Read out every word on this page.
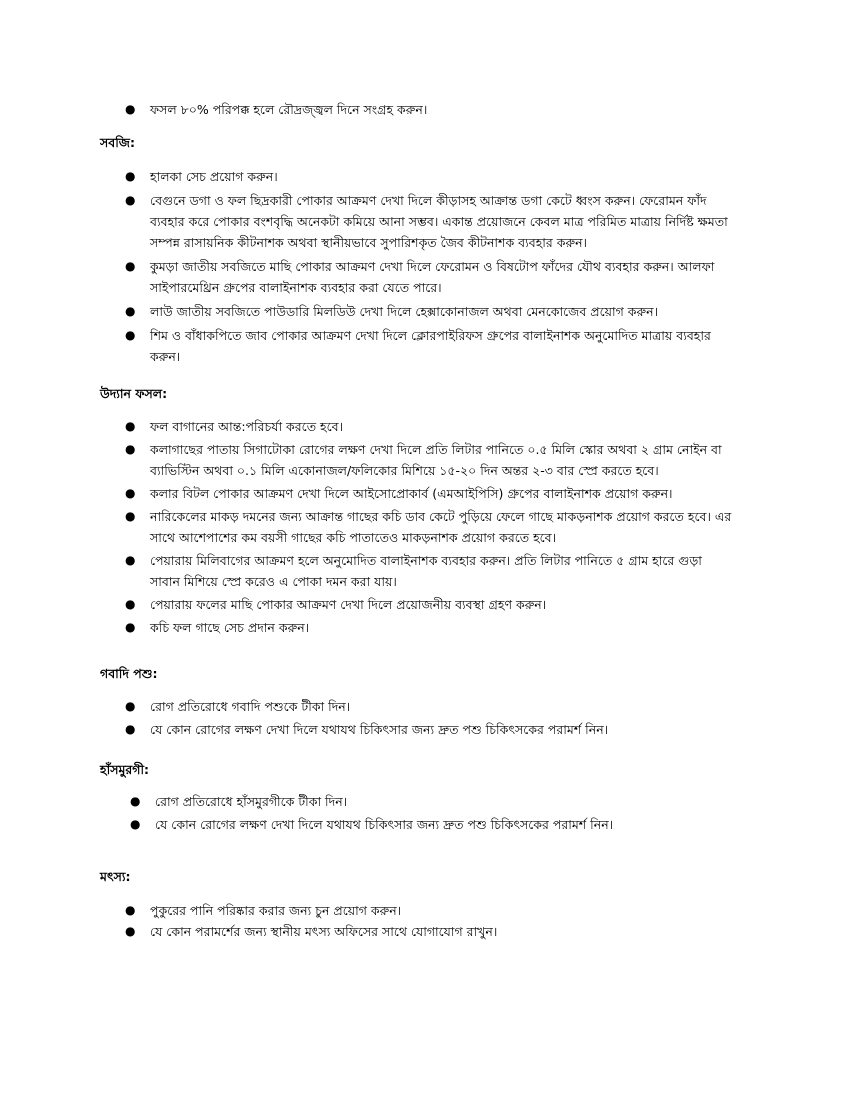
● ফসল ৮০% পরিপক্ক হলে রৌদ্রজ্জ্বল দিনে সংগ্রহ করুন।
সবজি:
● হালকা সেচ প্রয়োগ করুন।
● বেগুনে ডগা ও ফল ছিদ্রকারী পোকার আক্রমণ দেখা দিলে কীড়াসহ আক্রান্ত ডগা কেটে ধ্বংস করুন। ফেরোমন ফাঁদ ব্যবহার করে পোকার বংশবৃদ্ধি অনেকটা কমিয়ে আনা সম্ভব। একান্ত প্রয়োজনে কেবল মাত্র পরিমিত মাত্রায় নির্দিষ্ট ক্ষমতা সম্পন্ন রাসায়নিক কীটনাশক অথবা স্থানীয়ভাবে সুপারিশকৃত জৈব কীটনাশক ব্যবহার করুন।
● কুমড়া জাতীয় সবজিতে মাছি পোকার আক্রমণ দেখা দিলে ফেরোমন ও বিষটোপ ফাঁদের যৌথ ব্যবহার করুন। আলফা সাইপারমেথ্রিন গ্রুপের বালাইনাশক ব্যবহার করা যেতে পারে।
● লাউ জাতীয় সবজিতে পাউডারি মিলডিউ দেখা দিলে হেক্সাকোনাজল অথবা মেনকোজেব প্রয়োগ করুন।
● শিম ও বাঁধাকপিতে জাব পোকার আক্রমণ দেখা দিলে ক্লোরপাইরিফস গ্রুপের বালাইনাশক অনুমোদিত মাত্রায় ব্যবহার করুন।
উদ্যান ফসল:
● ফল বাগানের আন্ত:পরিচর্যা করতে হবে।
● কলাগাছের পাতায় সিগাটোকা রোগের লক্ষণ দেখা দিলে প্রতি লিটার পানিতে ০.৫ মিলি স্কোর অথবা ২ গ্রাম নোইন বা ব্যাভিস্টিন অথবা ০.১ মিলি একোনাজল/ফলিকোর মিশিয়ে ১৫-২০ দিন অন্তর ২-৩ বার স্প্রে করতে হবে।
● কলার বিটল পোকার আক্রমণ দেখা দিলে আইসোপ্রোকার্ব (এমআইপিসি) গ্রুপের বালাইনাশক প্রয়োগ করুন।
● নারিকেলের মাকড় দমনের জন্য আক্রান্ত গাছের কচি ডাব কেটে পুড়িয়ে ফেলে গাছে মাকড়নাশক প্রয়োগ করতে হবে। এর সাথে আশেপাশের কম বয়সী গাছের কচি পাতাতেও মাকড়নাশক প্রয়োগ করতে হবে।
● পেয়ারায় মিলিবাগের আক্রমণ হলে অনুমোদিত বালাইনাশক ব্যবহার করুন। প্রতি লিটার পানিতে ৫ গ্রাম হারে গুড়া সাবান মিশিয়ে স্প্রে করেও এ পোকা দমন করা যায়।
● পেয়ারায় ফলের মাছি পোকার আক্রমণ দেখা দিলে প্রয়োজনীয় ব্যবস্থা গ্রহণ করুন।
● কচি ফল গাছে সেচ প্রদান করুন।
গবাদি পশু:
● রোগ প্রতিরোধে গবাদি পশুকে টীকা দিন।
● যে কোন রোগের লক্ষণ দেখা দিলে যথাযথ চিকিৎসার জন্য দ্রুত পশু চিকিৎসকের পরামর্শ নিন।
হাঁসমুরগী:
● রোগ প্রতিরোধে হাঁসমুরগীকে টীকা দিন।
● যে কোন রোগের লক্ষণ দেখা দিলে যথাযথ চিকিৎসার জন্য দ্রুত পশু চিকিৎসকের পরামর্শ নিন।
মৎস্য:
● পুকুরের পানি পরিষ্কার করার জন্য চুন প্রয়োগ করুন।
● যে কোন পরামর্শের জন্য স্থানীয় মৎস্য অফিসের সাথে যোগাযোগ রাখুন।
